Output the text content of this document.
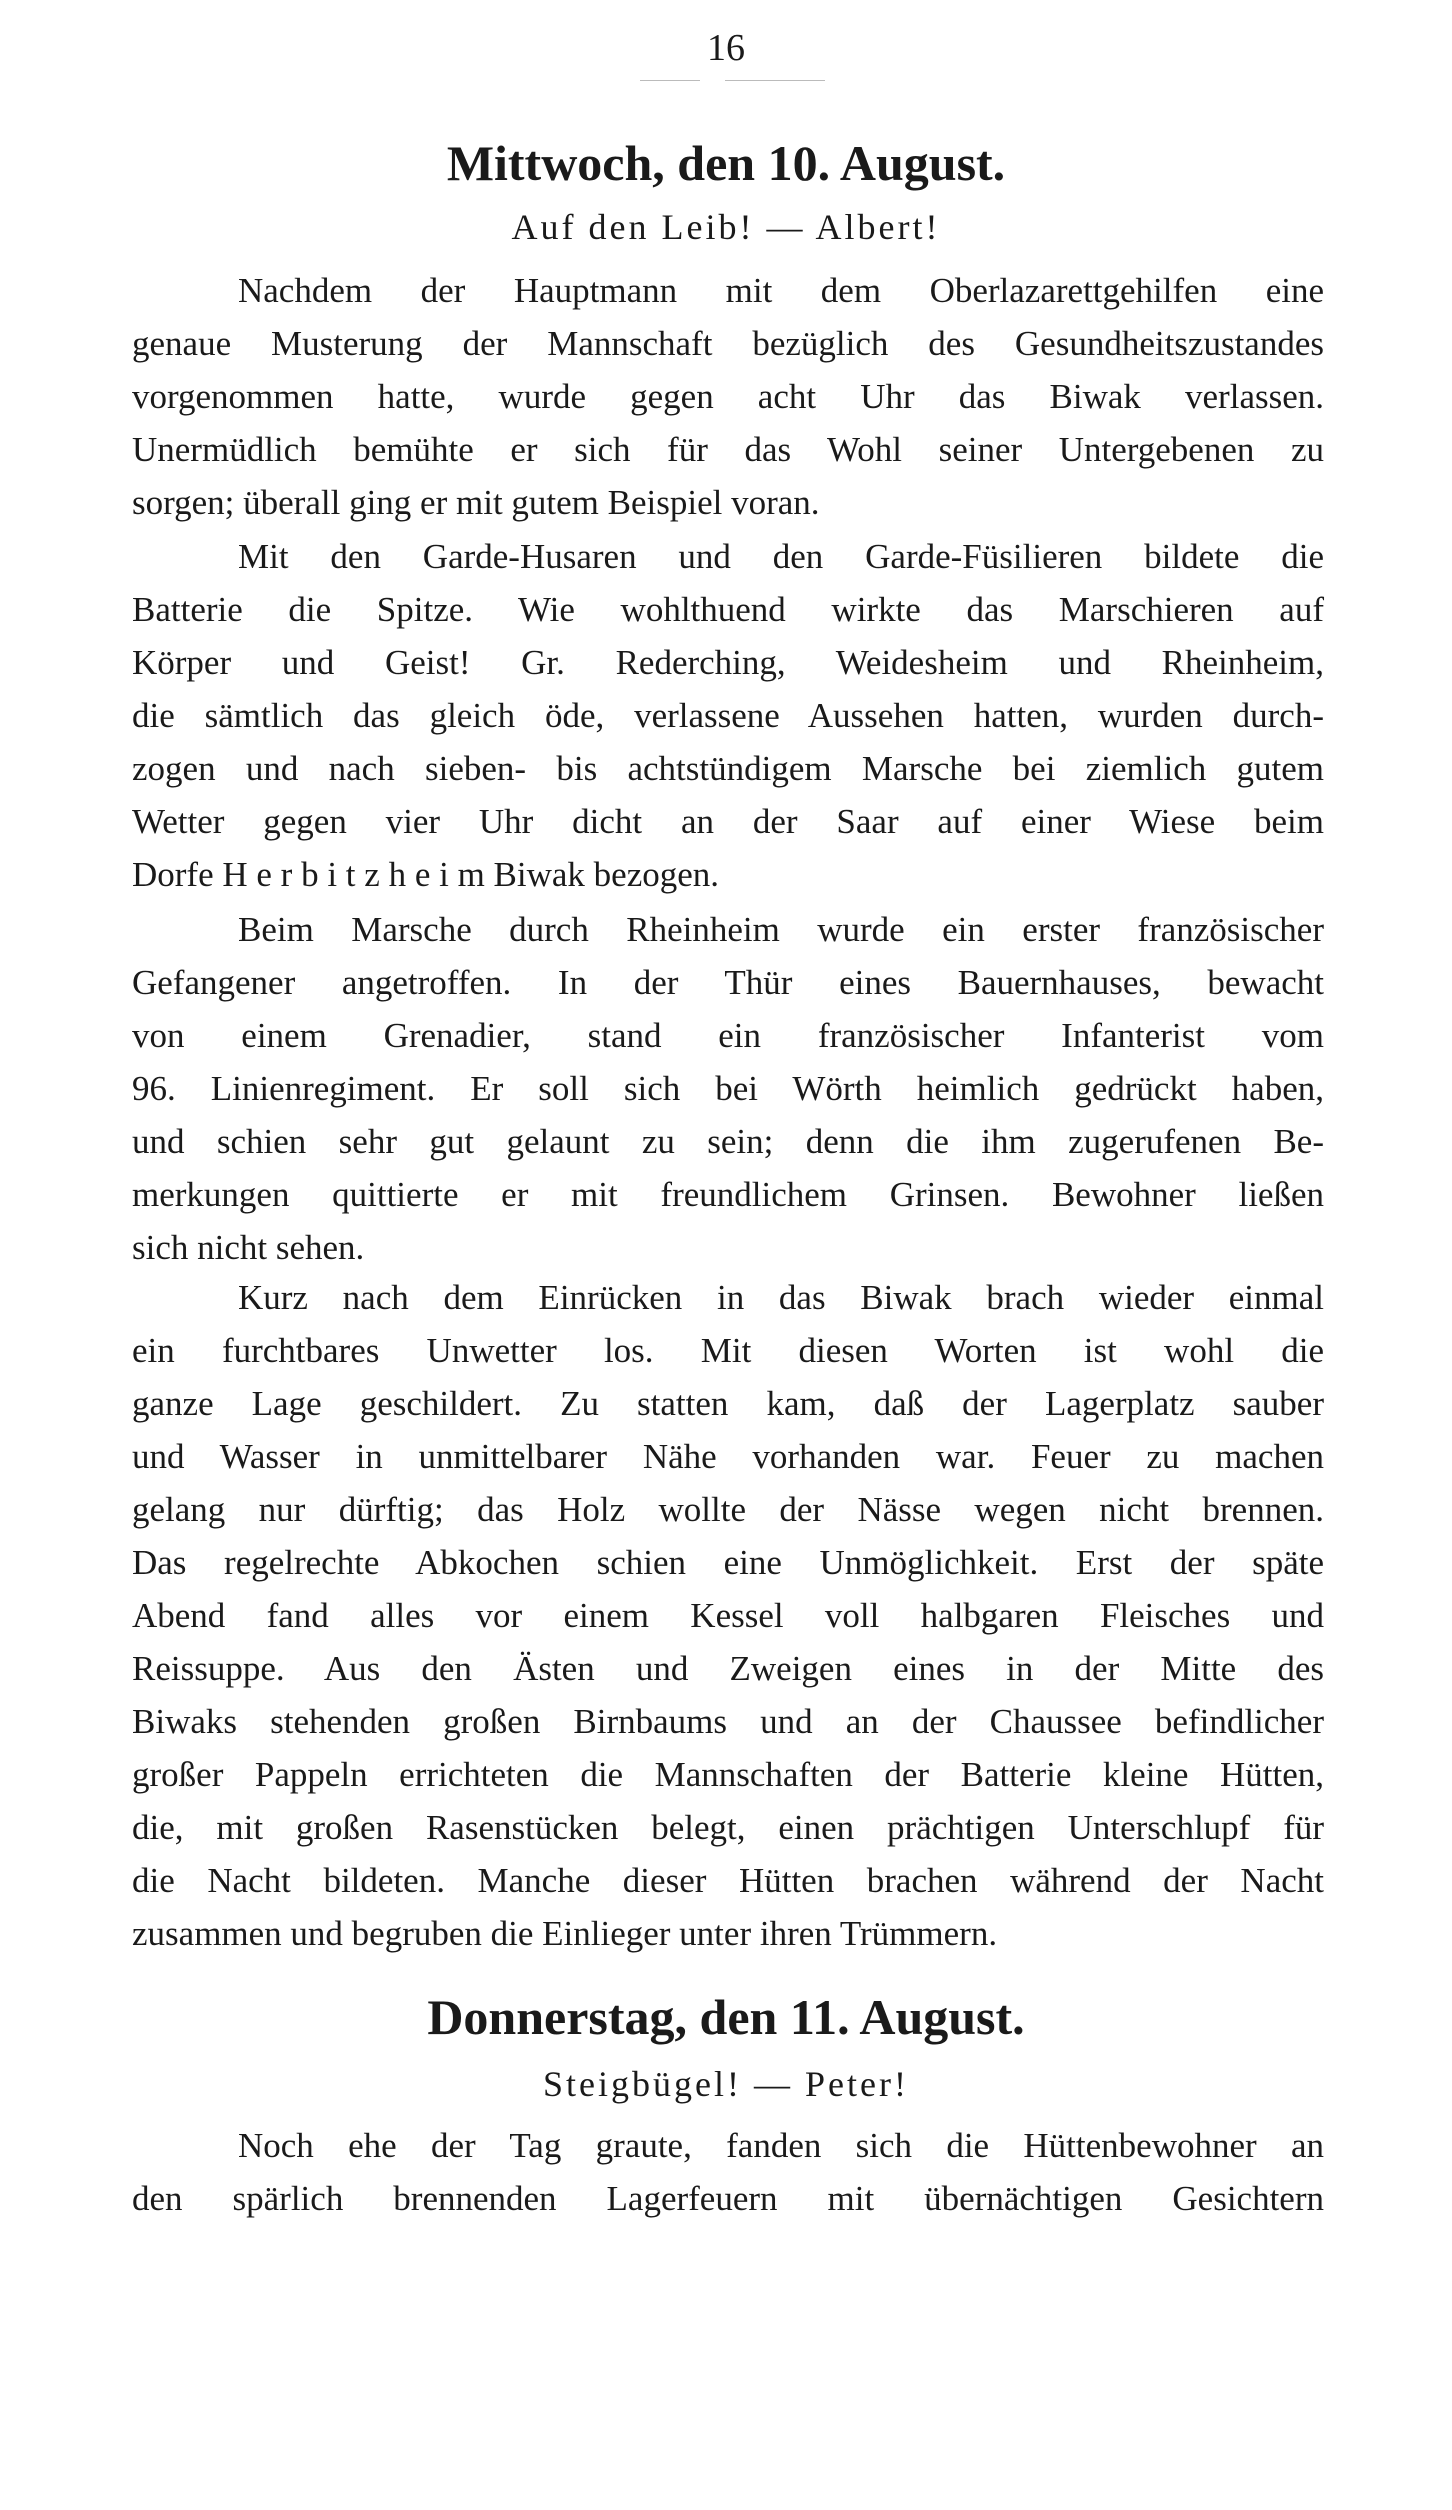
16
Mittwoch, den 10. August.
Auf den Leib! — Albert!
Nachdem der Hauptmann mit dem Oberlazarettgehilfen eine
genaue Musterung der Mannschaft bezüglich des Gesundheitszustandes
vorgenommen hatte, wurde gegen acht Uhr das Biwak verlassen.
Unermüdlich bemühte er sich für das Wohl seiner Untergebenen zu
sorgen; überall ging er mit gutem Beispiel voran.
Mit den Garde-Husaren und den Garde-Füsilieren bildete die
Batterie die Spitze. Wie wohlthuend wirkte das Marschieren auf
Körper und Geist! Gr. Rederching, Weidesheim und Rheinheim,
die sämtlich das gleich öde, verlassene Aussehen hatten, wurden durch-
zogen und nach sieben- bis achtstündigem Marsche bei ziemlich gutem
Wetter gegen vier Uhr dicht an der Saar auf einer Wiese beim
Dorfe H e r b i t z h e i m Biwak bezogen.
Beim Marsche durch Rheinheim wurde ein erster französischer
Gefangener angetroffen. In der Thür eines Bauernhauses, bewacht
von einem Grenadier, stand ein französischer Infanterist vom
96. Linienregiment. Er soll sich bei Wörth heimlich gedrückt haben,
und schien sehr gut gelaunt zu sein; denn die ihm zugerufenen Be-
merkungen quittierte er mit freundlichem Grinsen. Bewohner ließen
sich nicht sehen.
Kurz nach dem Einrücken in das Biwak brach wieder einmal
ein furchtbares Unwetter los. Mit diesen Worten ist wohl die
ganze Lage geschildert. Zu statten kam, daß der Lagerplatz sauber
und Wasser in unmittelbarer Nähe vorhanden war. Feuer zu machen
gelang nur dürftig; das Holz wollte der Nässe wegen nicht brennen.
Das regelrechte Abkochen schien eine Unmöglichkeit. Erst der späte
Abend fand alles vor einem Kessel voll halbgaren Fleisches und
Reissuppe. Aus den Ästen und Zweigen eines in der Mitte des
Biwaks stehenden großen Birnbaums und an der Chaussee befindlicher
großer Pappeln errichteten die Mannschaften der Batterie kleine Hütten,
die, mit großen Rasenstücken belegt, einen prächtigen Unterschlupf für
die Nacht bildeten. Manche dieser Hütten brachen während der Nacht
zusammen und begruben die Einlieger unter ihren Trümmern.
Donnerstag, den 11. August.
Steigbügel! — Peter!
Noch ehe der Tag graute, fanden sich die Hüttenbewohner an
den spärlich brennenden Lagerfeuern mit übernächtigen Gesichtern
